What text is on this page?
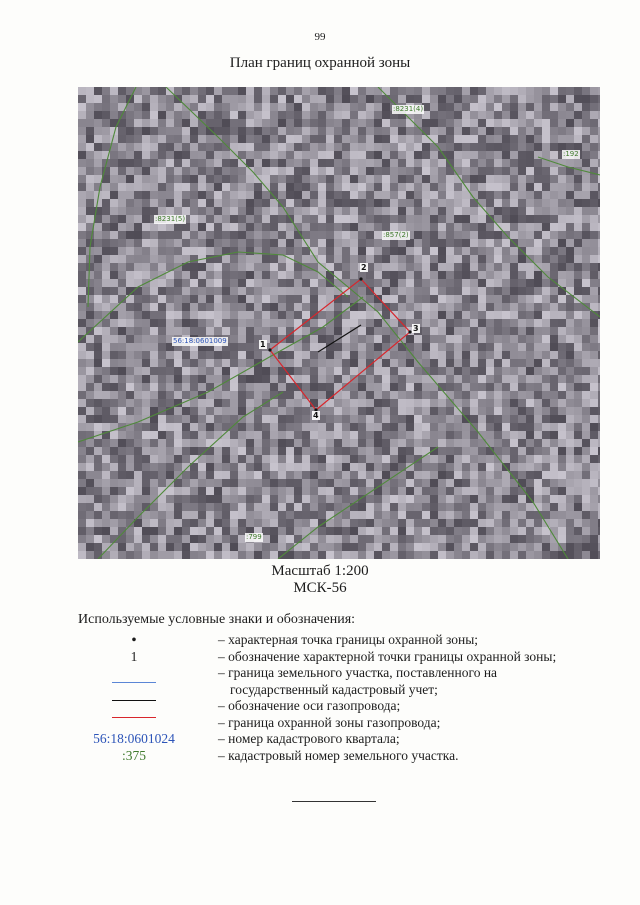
99
План границ охранной зоны
:8231(4)
:192
:8231(5)
:857(2)
:799
56:18:0601009	1
2
3
4
Масштаб 1:200
МСК-56
Используемые условные знаки и обозначения:
•	– характерная точка границы охранной зоны;
1	– обозначение характерной точки границы охранной зоны;
– граница земельного участка, поставленного на
государственный кадастровый учет;
– обозначение оси газопровода;
– граница охранной зоны газопровода;
56:18:0601024	– номер кадастрового квартала;
:375	– кадастровый номер земельного участка.
